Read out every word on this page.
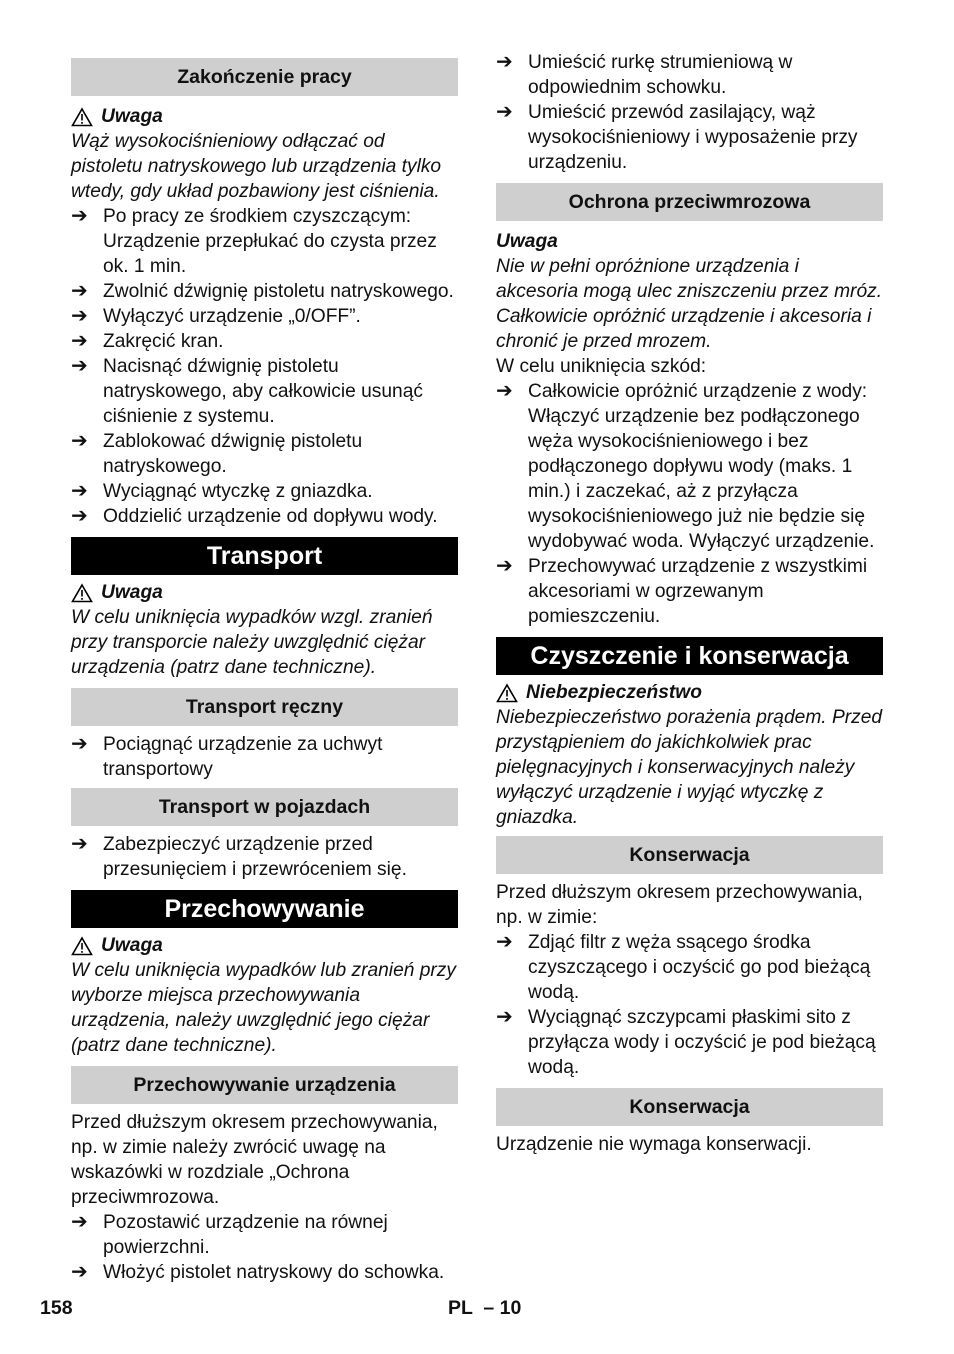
Zakończenie pracy
Uwaga
Wąż wysokociśnieniowy odłączać od pistoletu natryskowego lub urządzenia tylko wtedy, gdy układ pozbawiony jest ciśnienia.
➔ Po pracy ze środkiem czyszczącym: Urządzenie przepłukać do czysta przez ok. 1 min.
➔ Zwolnić dźwignię pistoletu natryskowego.
➔ Wyłączyć urządzenie „0/OFF”.
➔ Zakręcić kran.
➔ Nacisnąć dźwignię pistoletu natryskowego, aby całkowicie usunąć ciśnienie z systemu.
➔ Zablokować dźwignię pistoletu natryskowego.
➔ Wyciągnąć wtyczkę z gniazdka.
➔ Oddzielić urządzenie od dopływu wody.
Transport
Uwaga
W celu uniknięcia wypadków wzgl. zranień przy transporcie należy uwzględnić ciężar urządzenia (patrz dane techniczne).
Transport ręczny
➔ Pociągnąć urządzenie za uchwyt transportowy
Transport w pojazdach
➔ Zabezpieczyć urządzenie przed przesunięciem i przewróceniem się.
Przechowywanie
Uwaga
W celu uniknięcia wypadków lub zranień przy wyborze miejsca przechowywania urządzenia, należy uwzględnić jego ciężar (patrz dane techniczne).
Przechowywanie urządzenia
Przed dłuższym okresem przechowywania, np. w zimie należy zwrócić uwagę na wskazówki w rozdziale „Ochrona przeciwmrozowa.
➔ Pozostawić urządzenie na równej powierzchni.
➔ Włożyć pistolet natryskowy do schowka.
➔ Umieścić rurkę strumieniową w odpowiednim schowku.
➔ Umieścić przewód zasilający, wąż wysokociśnieniowy i wyposażenie przy urządzeniu.
Ochrona przeciwmrozowa
Uwaga
Nie w pełni opróżnione urządzenia i akcesoria mogą ulec zniszczeniu przez mróz. Całkowicie opróżnić urządzenie i akcesoria i chronić je przed mrozem.
W celu uniknięcia szkód:
➔ Całkowicie opróżnić urządzenie z wody: Włączyć urządzenie bez podłączonego węża wysokociśnieniowego i bez podłączonego dopływu wody (maks. 1 min.) i zaczekać, aż z przyłącza wysokociśnieniowego już nie będzie się wydobywać woda. Wyłączyć urządzenie.
➔ Przechowywać urządzenie z wszystkimi akcesoriami w ogrzewanym pomieszczeniu.
Czyszczenie i konserwacja
Niebezpieczeństwo
Niebezpieczeństwo porażenia prądem. Przed przystąpieniem do jakichkolwiek prac pielęgnacyjnych i konserwacyjnych należy wyłączyć urządzenie i wyjąć wtyczkę z gniazdka.
Konserwacja
Przed dłuższym okresem przechowywania, np. w zimie:
➔ Zdjąć filtr z węża ssącego środka czyszczącego i oczyścić go pod bieżącą wodą.
➔ Wyciągnąć szczypcami płaskimi sito z przyłącza wody i oczyścić je pod bieżącą wodą.
Konserwacja
Urządzenie nie wymaga konserwacji.
158	PL  – 10
